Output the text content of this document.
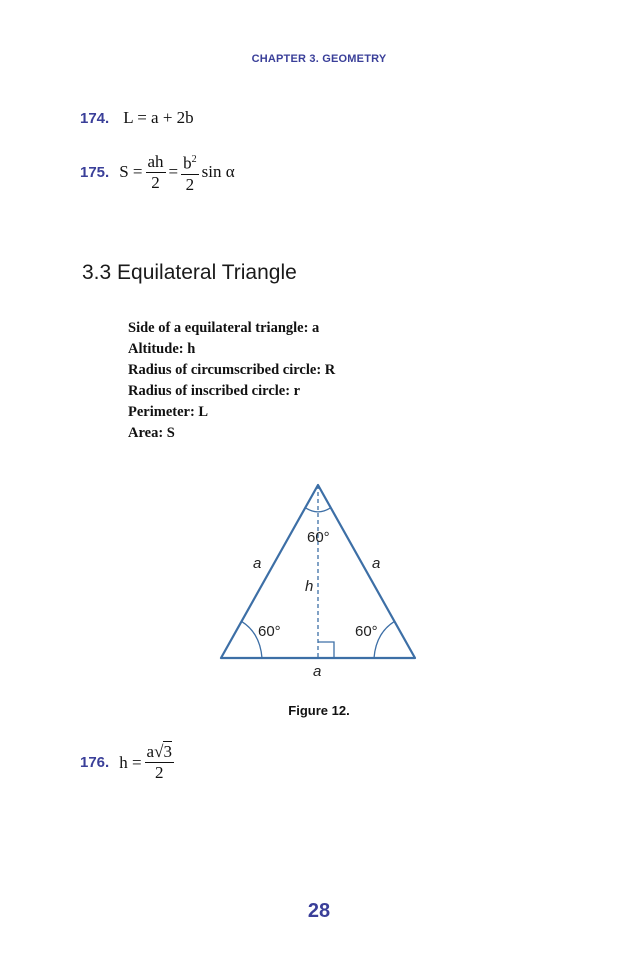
CHAPTER 3. GEOMETRY
174. L = a + 2b
175. $S = \frac{ah}{2} = \frac{b^2}{2}$ sin α
3.3 Equilateral Triangle
Side of a equilateral triangle: a
Altitude: h
Radius of circumscribed circle: R
Radius of inscribed circle: r
Perimeter: L
Area: S
60°
a	a
h
60°	60°
a
Figure 12.
176. $h = \frac{a√3}{2}$
28
